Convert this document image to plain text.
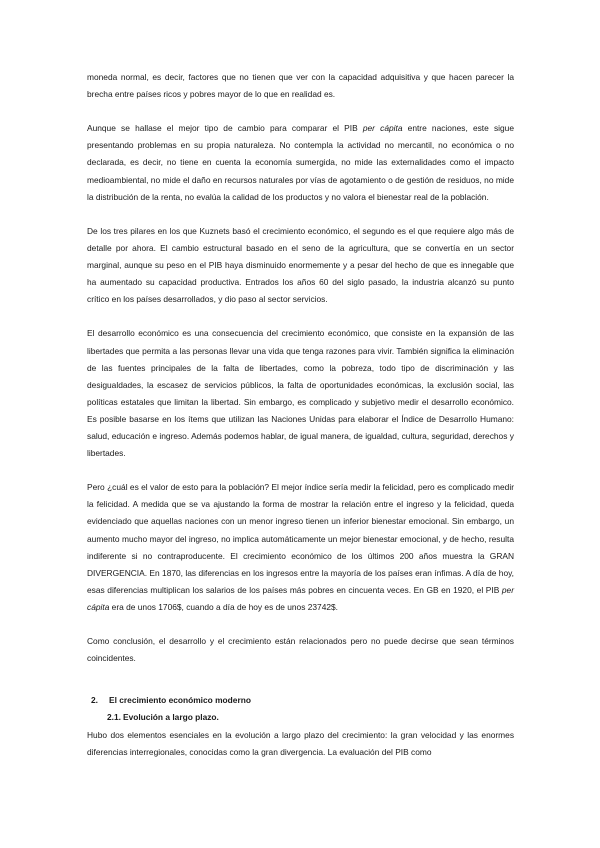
moneda normal, es decir, factores que no tienen que ver con la capacidad adquisitiva y que hacen parecer la brecha entre países ricos y pobres mayor de lo que en realidad es.

Aunque se hallase el mejor tipo de cambio para comparar el PIB per cápita entre naciones, este sigue presentando problemas en su propia naturaleza. No contempla la actividad no mercantil, no económica o no declarada, es decir, no tiene en cuenta la economía sumergida, no mide las externalidades como el impacto medioambiental, no mide el daño en recursos naturales por vías de agotamiento o de gestión de residuos, no mide la distribución de la renta, no evalúa la calidad de los productos y no valora el bienestar real de la población.

De los tres pilares en los que Kuznets basó el crecimiento económico, el segundo es el que requiere algo más de detalle por ahora. El cambio estructural basado en el seno de la agricultura, que se convertía en un sector marginal, aunque su peso en el PIB haya disminuido enormemente y a pesar del hecho de que es innegable que ha aumentado su capacidad productiva. Entrados los años 60 del siglo pasado, la industria alcanzó su punto crítico en los países desarrollados, y dio paso al sector servicios.

El desarrollo económico es una consecuencia del crecimiento económico, que consiste en la expansión de las libertades que permita a las personas llevar una vida que tenga razones para vivir. También significa la eliminación de las fuentes principales de la falta de libertades, como la pobreza, todo tipo de discriminación y las desigualdades, la escasez de servicios públicos, la falta de oportunidades económicas, la exclusión social, las políticas estatales que limitan la libertad. Sin embargo, es complicado y subjetivo medir el desarrollo económico. Es posible basarse en los ítems que utilizan las Naciones Unidas para elaborar el Índice de Desarrollo Humano: salud, educación e ingreso. Además podemos hablar, de igual manera, de igualdad, cultura, seguridad, derechos y libertades.

Pero ¿cuál es el valor de esto para la población? El mejor índice sería medir la felicidad, pero es complicado medir la felicidad. A medida que se va ajustando la forma de mostrar la relación entre el ingreso y la felicidad, queda evidenciado que aquellas naciones con un menor ingreso tienen un inferior bienestar emocional. Sin embargo, un aumento mucho mayor del ingreso, no implica automáticamente un mejor bienestar emocional, y de hecho, resulta indiferente si no contraproducente. El crecimiento económico de los últimos 200 años muestra la GRAN DIVERGENCIA. En 1870, las diferencias en los ingresos entre la mayoría de los países eran ínfimas. A día de hoy, esas diferencias multiplican los salarios de los países más pobres en cincuenta veces. En GB en 1920, el PIB per cápita era de unos 1706$, cuando a día de hoy es de unos 23742$.

Como conclusión, el desarrollo y el crecimiento están relacionados pero no puede decirse que sean términos coincidentes.

2. El crecimiento económico moderno

2.1. Evolución a largo plazo.

Hubo dos elementos esenciales en la evolución a largo plazo del crecimiento: la gran velocidad y las enormes diferencias interregionales, conocidas como la gran divergencia. La evaluación del PIB como
